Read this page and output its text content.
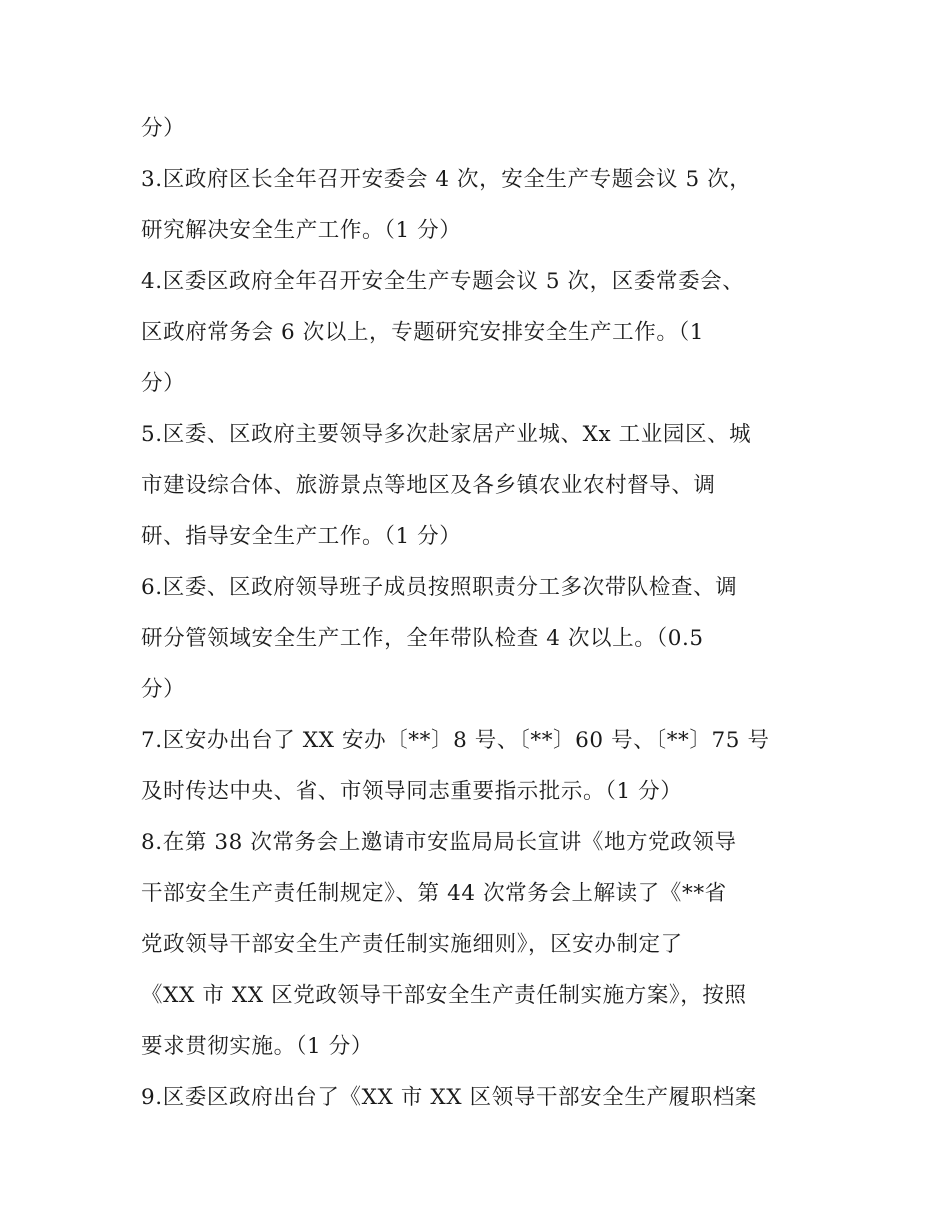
分）
3.区政府区长全年召开安委会 4 次，安全生产专题会议 5 次，
研究解决安全生产工作。（1 分）
4.区委区政府全年召开安全生产专题会议 5 次，区委常委会、
区政府常务会 6 次以上，专题研究安排安全生产工作。（1
分）
5.区委、区政府主要领导多次赴家居产业城、Xx 工业园区、城
市建设综合体、旅游景点等地区及各乡镇农业农村督导、调
研、指导安全生产工作。（1 分）
6.区委、区政府领导班子成员按照职责分工多次带队检查、调
研分管领域安全生产工作，全年带队检查 4 次以上。（0.5
分）
7.区安办出台了 XX 安办〔**〕8 号、〔**〕60 号、〔**〕75 号
及时传达中央、省、市领导同志重要指示批示。（1 分）
8.在第 38 次常务会上邀请市安监局局长宣讲《地方党政领导
干部安全生产责任制规定》、第 44 次常务会上解读了《**省
党政领导干部安全生产责任制实施细则》，区安办制定了
《XX 市 XX 区党政领导干部安全生产责任制实施方案》，按照
要求贯彻实施。（1 分）
9.区委区政府出台了《XX 市 XX 区领导干部安全生产履职档案
